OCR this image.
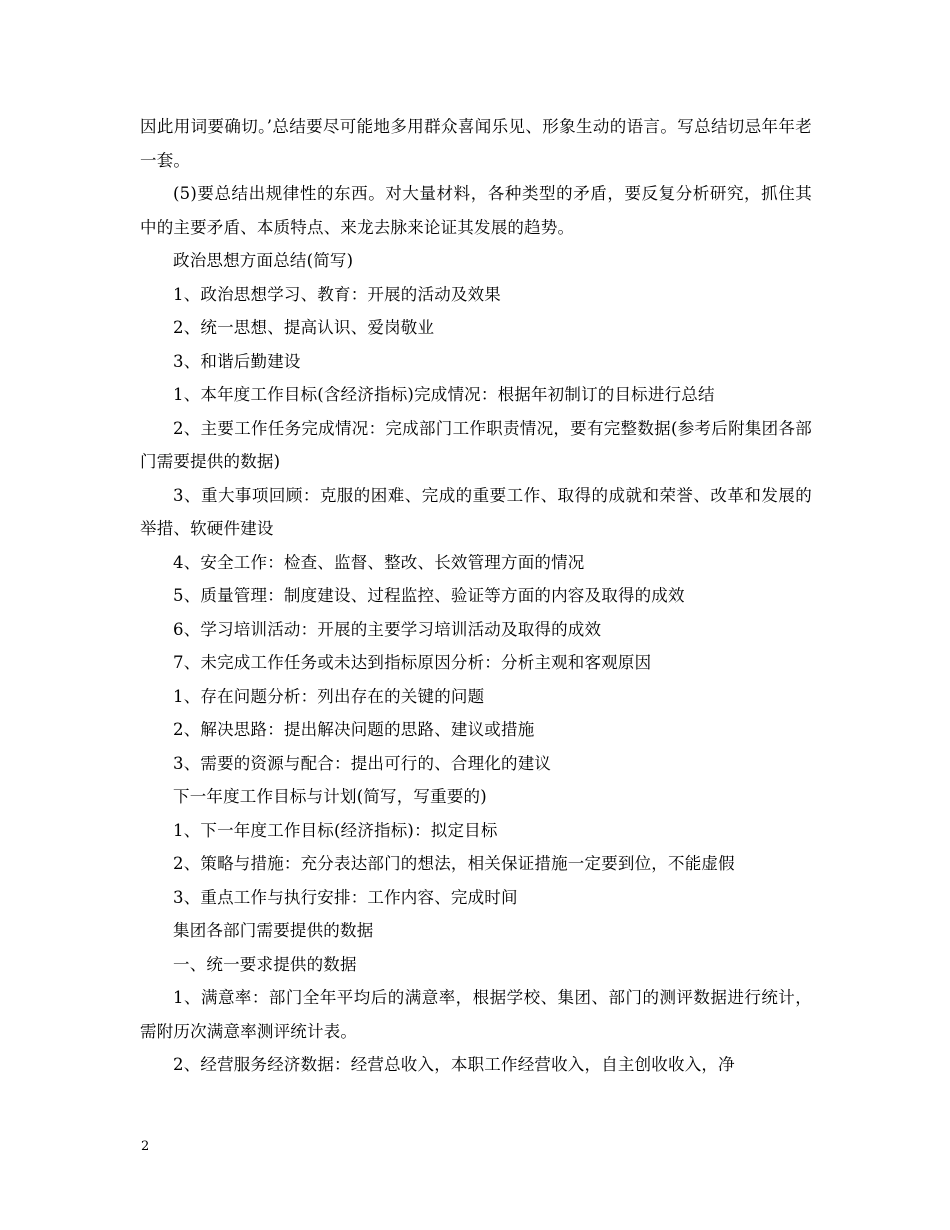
因此用词要确切。’总结要尽可能地多用群众喜闻乐见、形象生动的语言。写总结切忌年年老一套。

(5)要总结出规律性的东西。对大量材料，各种类型的矛盾，要反复分析研究，抓住其中的主要矛盾、本质特点、来龙去脉来论证其发展的趋势。

政治思想方面总结(简写)

1、政治思想学习、教育：开展的活动及效果

2、统一思想、提高认识、爱岗敬业

3、和谐后勤建设

1、本年度工作目标(含经济指标)完成情况：根据年初制订的目标进行总结

2、主要工作任务完成情况：完成部门工作职责情况，要有完整数据(参考后附集团各部门需要提供的数据)

3、重大事项回顾：克服的困难、完成的重要工作、取得的成就和荣誉、改革和发展的举措、软硬件建设

4、安全工作：检查、监督、整改、长效管理方面的情况

5、质量管理：制度建设、过程监控、验证等方面的内容及取得的成效

6、学习培训活动：开展的主要学习培训活动及取得的成效

7、未完成工作任务或未达到指标原因分析：分析主观和客观原因

1、存在问题分析：列出存在的关键的问题

2、解决思路：提出解决问题的思路、建议或措施

3、需要的资源与配合：提出可行的、合理化的建议

下一年度工作目标与计划(简写，写重要的)

1、下一年度工作目标(经济指标)：拟定目标

2、策略与措施：充分表达部门的想法，相关保证措施一定要到位，不能虚假

3、重点工作与执行安排：工作内容、完成时间

集团各部门需要提供的数据

一、统一要求提供的数据

1、满意率：部门全年平均后的满意率，根据学校、集团、部门的测评数据进行统计，需附历次满意率测评统计表。

2、经营服务经济数据：经营总收入，本职工作经营收入，自主创收收入，净

2
